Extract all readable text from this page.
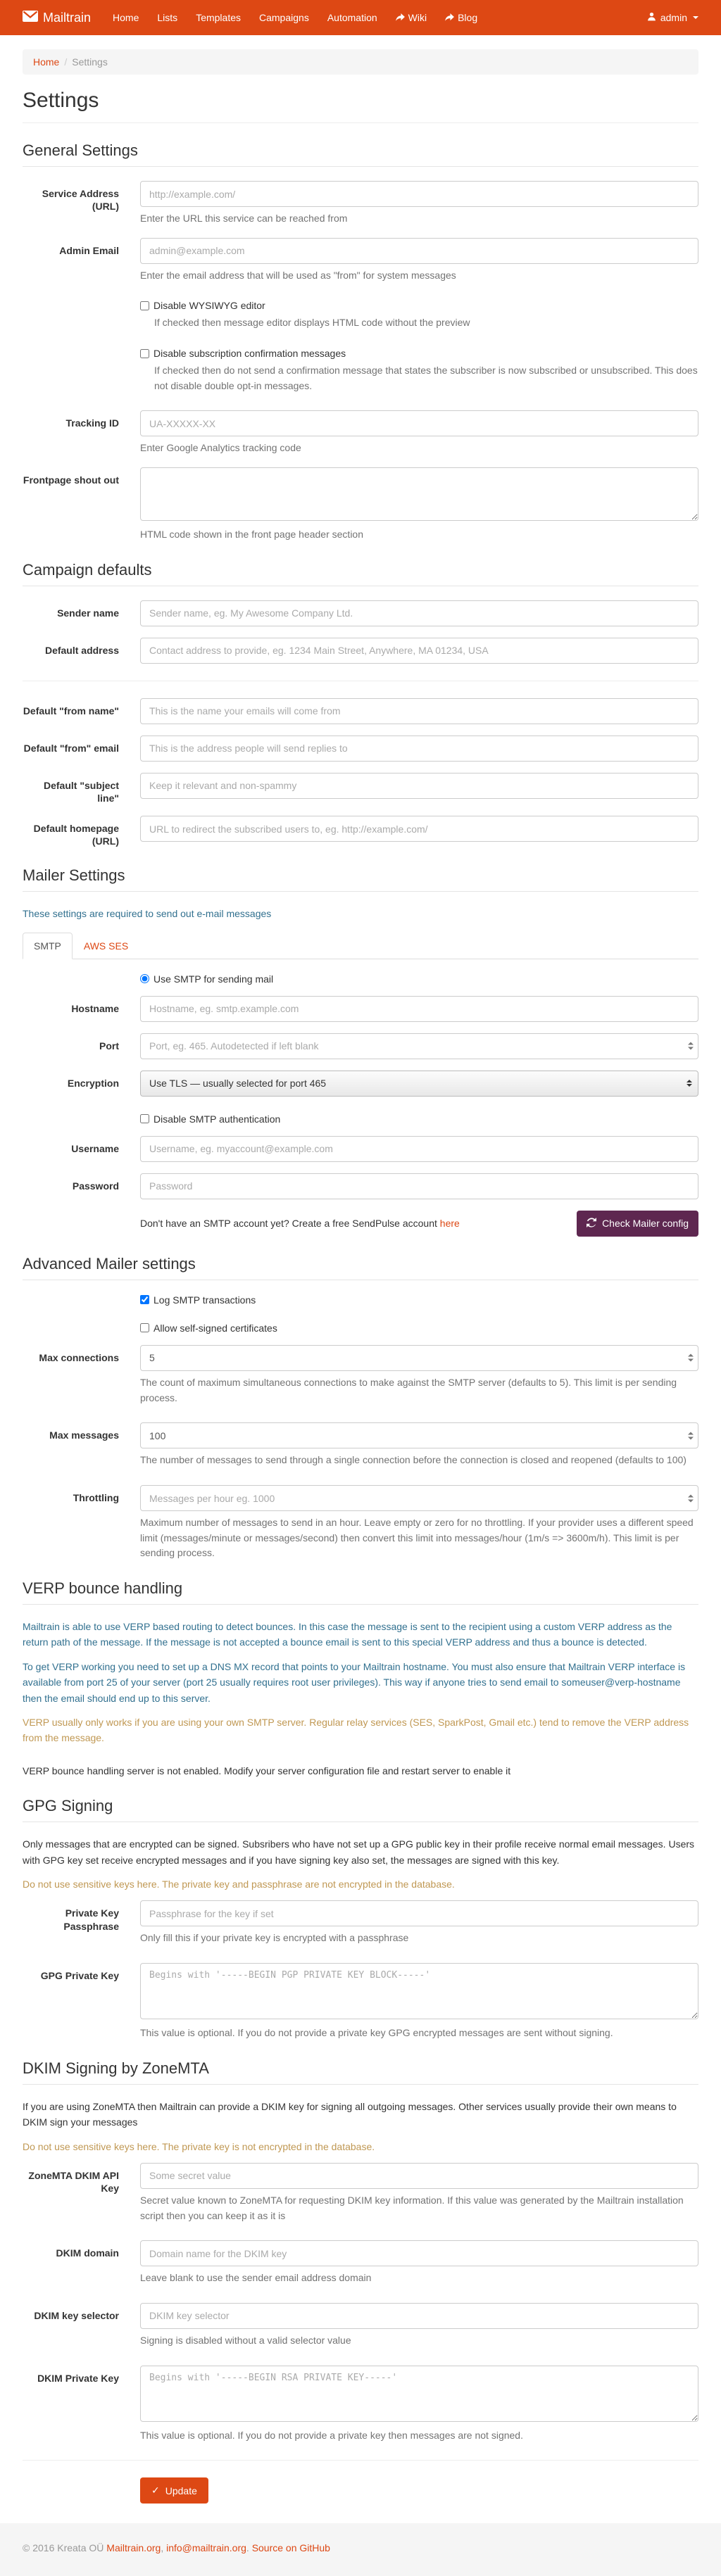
Mailtrain	Home	Lists	Templates	Campaigns	Automation	Wiki	Blog	admin
Home / Settings
Settings
General Settings
Service Address (URL)
http://example.com/
Enter the URL this service can be reached from
Admin Email
admin@example.com
Enter the email address that will be used as "from" for system messages
Disable WYSIWYG editor
If checked then message editor displays HTML code without the preview
Disable subscription confirmation messages
If checked then do not send a confirmation message that states the subscriber is now subscribed or unsubscribed. This does not disable double opt-in messages.
Tracking ID
UA-XXXXX-XX
Enter Google Analytics tracking code
Frontpage shout out
HTML code shown in the front page header section
Campaign defaults
Sender name
Sender name, eg. My Awesome Company Ltd.
Default address
Contact address to provide, eg. 1234 Main Street, Anywhere, MA 01234, USA
Default "from name"
This is the name your emails will come from
Default "from" email
This is the address people will send replies to
Default "subject line"
Keep it relevant and non-spammy
Default homepage (URL)
URL to redirect the subscribed users to, eg. http://example.com/
Mailer Settings

These settings are required to send out e-mail messages

SMTP	AWS SES
Use SMTP for sending mail
Hostname
Hostname, eg. smtp.example.com
Port
Port, eg. 465. Autodetected if left blank
Encryption	Use TLS — usually selected for port 465
Disable SMTP authentication
Username
Username, eg. myaccount@example.com
Password
Password
Don't have an SMTP account yet? Create a free SendPulse account here	Check Mailer config
Advanced Mailer settings
Log SMTP transactions
Allow self-signed certificates
Max connections
5
The count of maximum simultaneous connections to make against the SMTP server (defaults to 5). This limit is per sending process.
Max messages
100
The number of messages to send through a single connection before the connection is closed and reopened (defaults to 100)
Throttling
Messages per hour eg. 1000
Maximum number of messages to send in an hour. Leave empty or zero for no throttling. If your provider uses a different speed limit (messages/minute or messages/second) then convert this limit into messages/hour (1m/s => 3600m/h). This limit is per sending process.
VERP bounce handling

Mailtrain is able to use VERP based routing to detect bounces. In this case the message is sent to the recipient using a custom VERP address as the return path of the message. If the message is not accepted a bounce email is sent to this special VERP address and thus a bounce is detected.

To get VERP working you need to set up a DNS MX record that points to your Mailtrain hostname. You must also ensure that Mailtrain VERP interface is available from port 25 of your server (port 25 usually requires root user privileges). This way if anyone tries to send email to someuser@verp-hostname then the email should end up to this server.

VERP usually only works if you are using your own SMTP server. Regular relay services (SES, SparkPost, Gmail etc.) tend to remove the VERP address from the message.

VERP bounce handling server is not enabled. Modify your server configuration file and restart server to enable it

GPG Signing

Only messages that are encrypted can be signed. Subsribers who have not set up a GPG public key in their profile receive normal email messages. Users with GPG key set receive encrypted messages and if you have signing key also set, the messages are signed with this key.

Do not use sensitive keys here. The private key and passphrase are not encrypted in the database.

Private Key Passphrase
Passphrase for the key if set
Only fill this if your private key is encrypted with a passphrase
GPG Private Key
Begins with '-----BEGIN PGP PRIVATE KEY BLOCK-----'
This value is optional. If you do not provide a private key GPG encrypted messages are sent without signing.
DKIM Signing by ZoneMTA

If you are using ZoneMTA then Mailtrain can provide a DKIM key for signing all outgoing messages. Other services usually provide their own means to DKIM sign your messages

Do not use sensitive keys here. The private key is not encrypted in the database.

ZoneMTA DKIM API Key
Some secret value
Secret value known to ZoneMTA for requesting DKIM key information. If this value was generated by the Mailtrain installation script then you can keep it as it is
DKIM domain
Domain name for the DKIM key
Leave blank to use the sender email address domain
DKIM key selector
DKIM key selector
Signing is disabled without a valid selector value
DKIM Private Key
Begins with '-----BEGIN RSA PRIVATE KEY-----'
This value is optional. If you do not provide a private key then messages are not signed.
✓ Update
© 2016 Kreata OÜ Mailtrain.org, info@mailtrain.org. Source on GitHub
